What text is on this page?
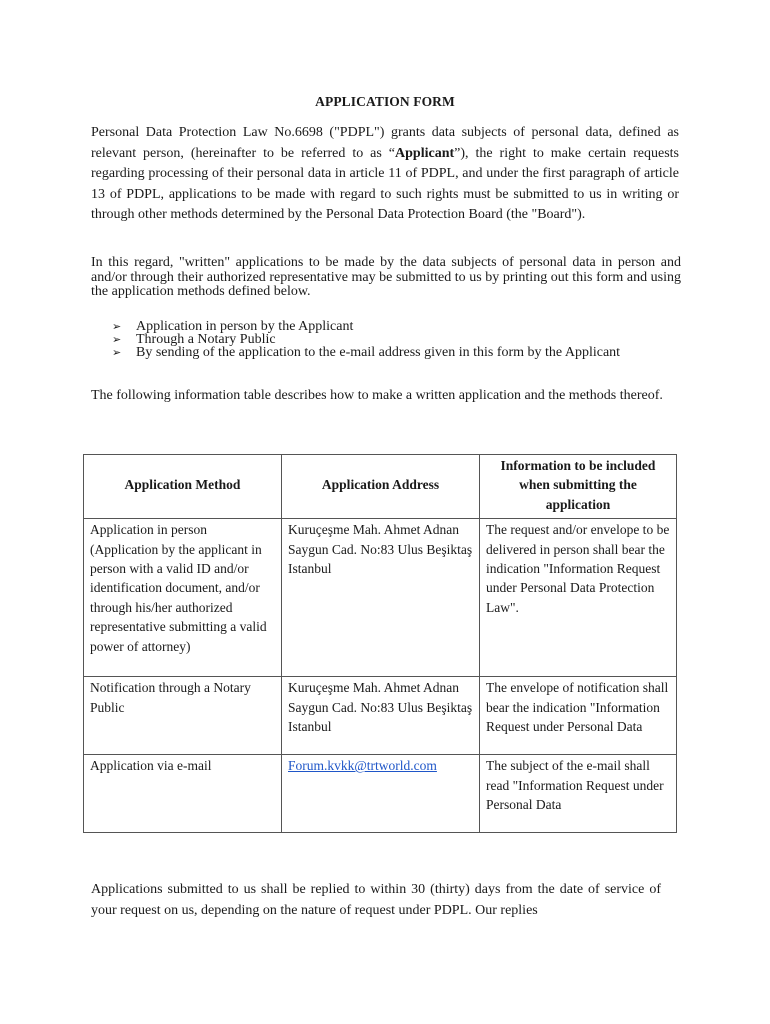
APPLICATION FORM
Personal Data Protection Law No.6698 ("PDPL") grants data subjects of personal data, defined as relevant person, (hereinafter to be referred to as “Applicant”), the right to make certain requests regarding processing of their personal data in article 11 of PDPL, and under the first paragraph of article 13 of PDPL, applications to be made with regard to such rights must be submitted to us in writing or through other methods determined by the Personal Data Protection Board (the "Board").
In this regard, "written" applications to be made by the data subjects of personal data in person and and/or through their authorized representative may be submitted to us by printing out this form and using the application methods defined below.
➢ Application in person by the Applicant
➢ Through a Notary Public
➢ By sending of the application to the e-mail address given in this form by the Applicant
The following information table describes how to make a written application and the methods thereof.
Application Method	Application Address	Information to be included when submitting the application
Application in person (Application by the applicant in person with a valid ID and/or identification document, and/or through his/her authorized representative submitting a valid power of attorney)	Kuruçeşme Mah. Ahmet Adnan Saygun Cad. No:83 Ulus Beşiktaş Istanbul	The request and/or envelope to be delivered in person shall bear the indication "Information Request under Personal Data Protection Law".
Notification through a Notary Public	Kuruçeşme Mah. Ahmet Adnan Saygun Cad. No:83 Ulus Beşiktaş Istanbul	The envelope of notification shall bear the indication "Information Request under Personal Data
Application via e-mail	Forum.kvkk@trtworld.com	The subject of the e-mail shall read "Information Request under Personal Data
Applications submitted to us shall be replied to within 30 (thirty) days from the date of service of your request on us, depending on the nature of request under PDPL. Our replies
